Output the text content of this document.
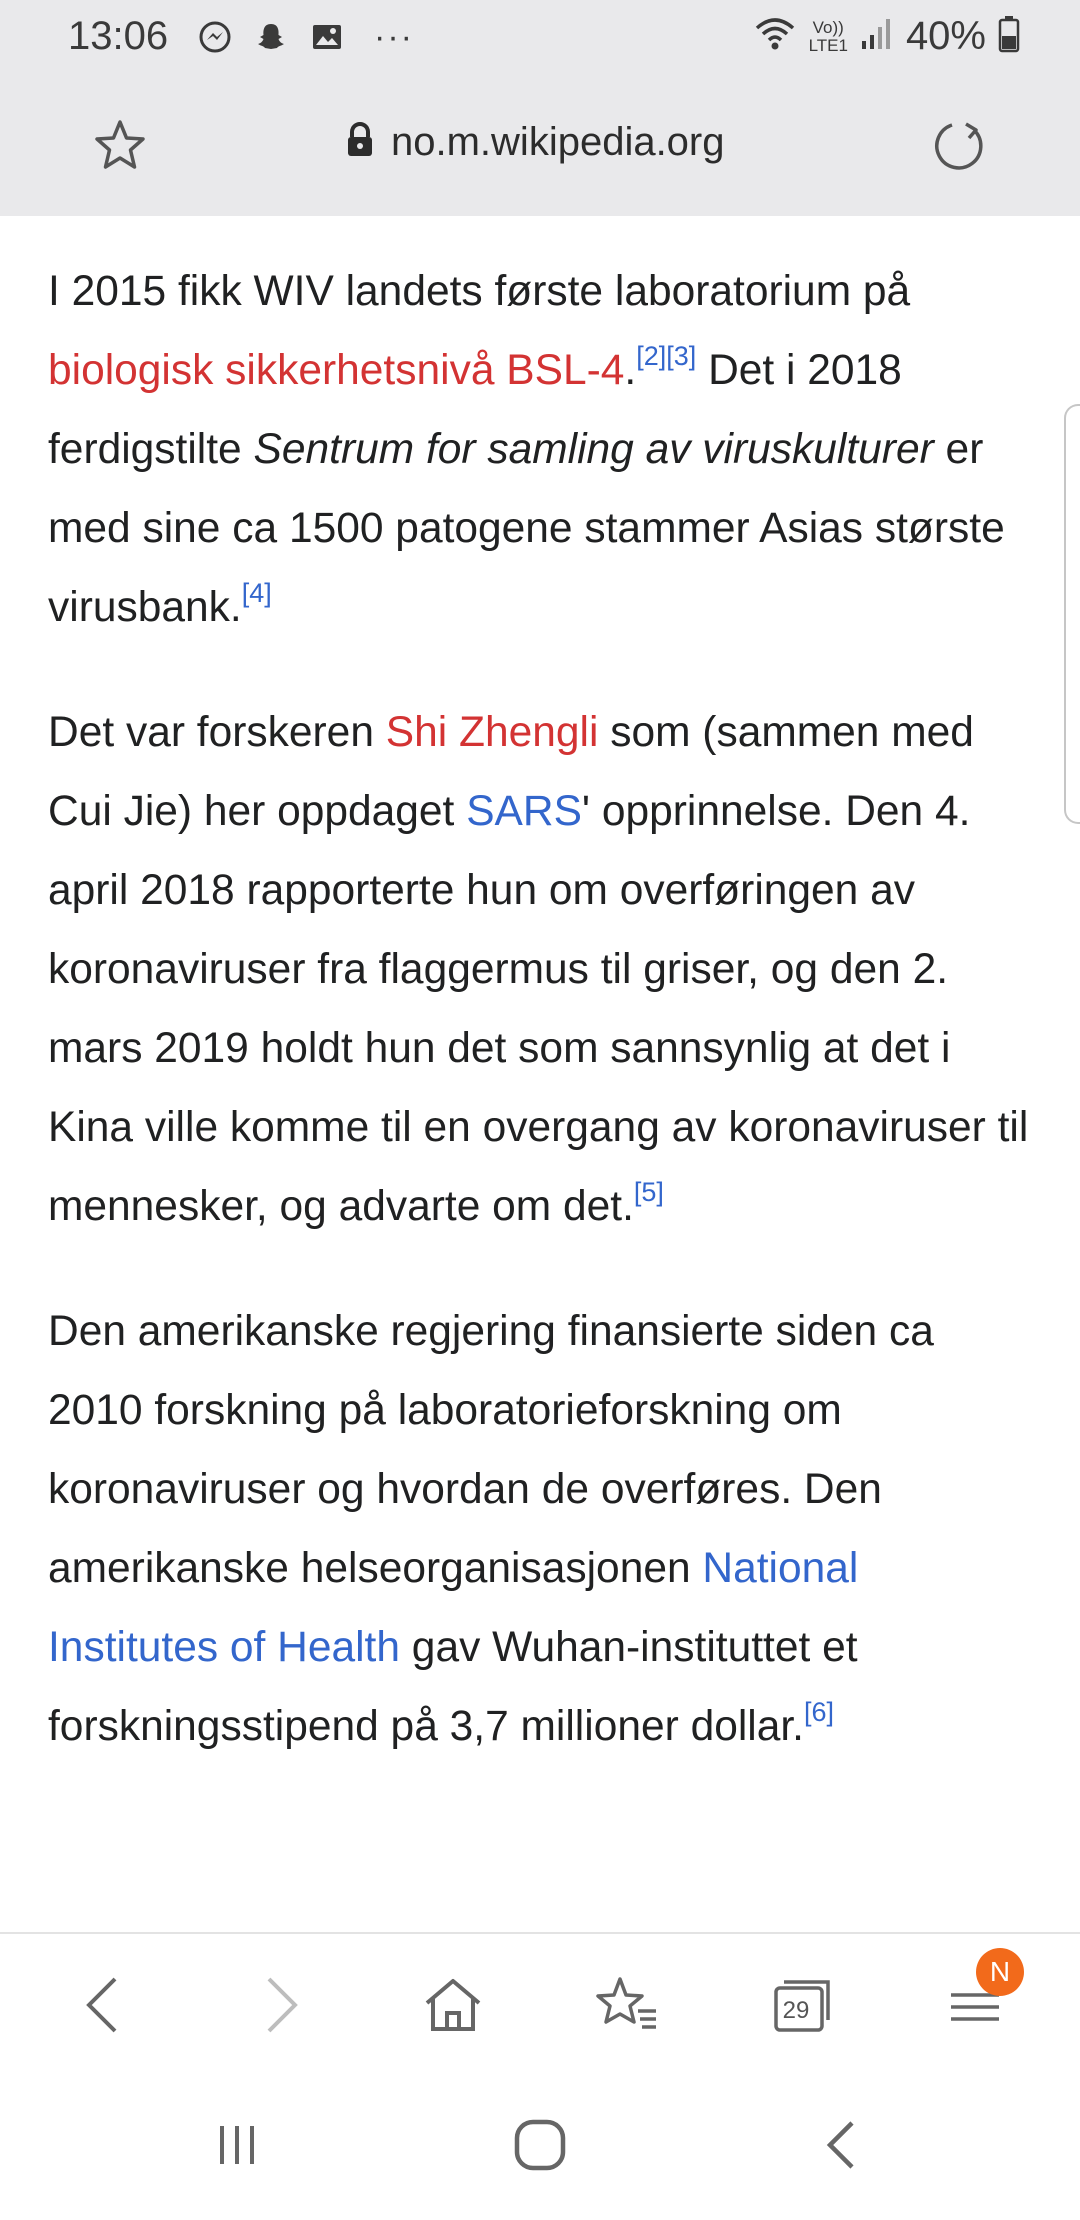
13:06	···	Vo))
LTE1 40%
no.m.wikipedia.org

I 2015 fikk WIV landets første laboratorium på biologisk sikkerhetsnivå BSL-4.[2][3] Det i 2018 ferdigstilte Sentrum for samling av viruskulturer er med sine ca 1500 patogene stammer Asias største virusbank.[4]

Det var forskeren Shi Zhengli som (sammen med Cui Jie) her oppdaget SARS' opprinnelse. Den 4. april 2018 rapporterte hun om overføringen av koronaviruser fra flaggermus til griser, og den 2. mars 2019 holdt hun det som sannsynlig at det i Kina ville komme til en overgang av koronaviruser til mennesker, og advarte om det.[5]

Den amerikanske regjering finansierte siden ca 2010 forskning på laboratorieforskning om koronaviruser og hvordan de overføres. Den amerikanske helseorganisasjonen National Institutes of Health gav Wuhan-instituttet et forskningsstipend på 3,7 millioner dollar.[6]

29
N
